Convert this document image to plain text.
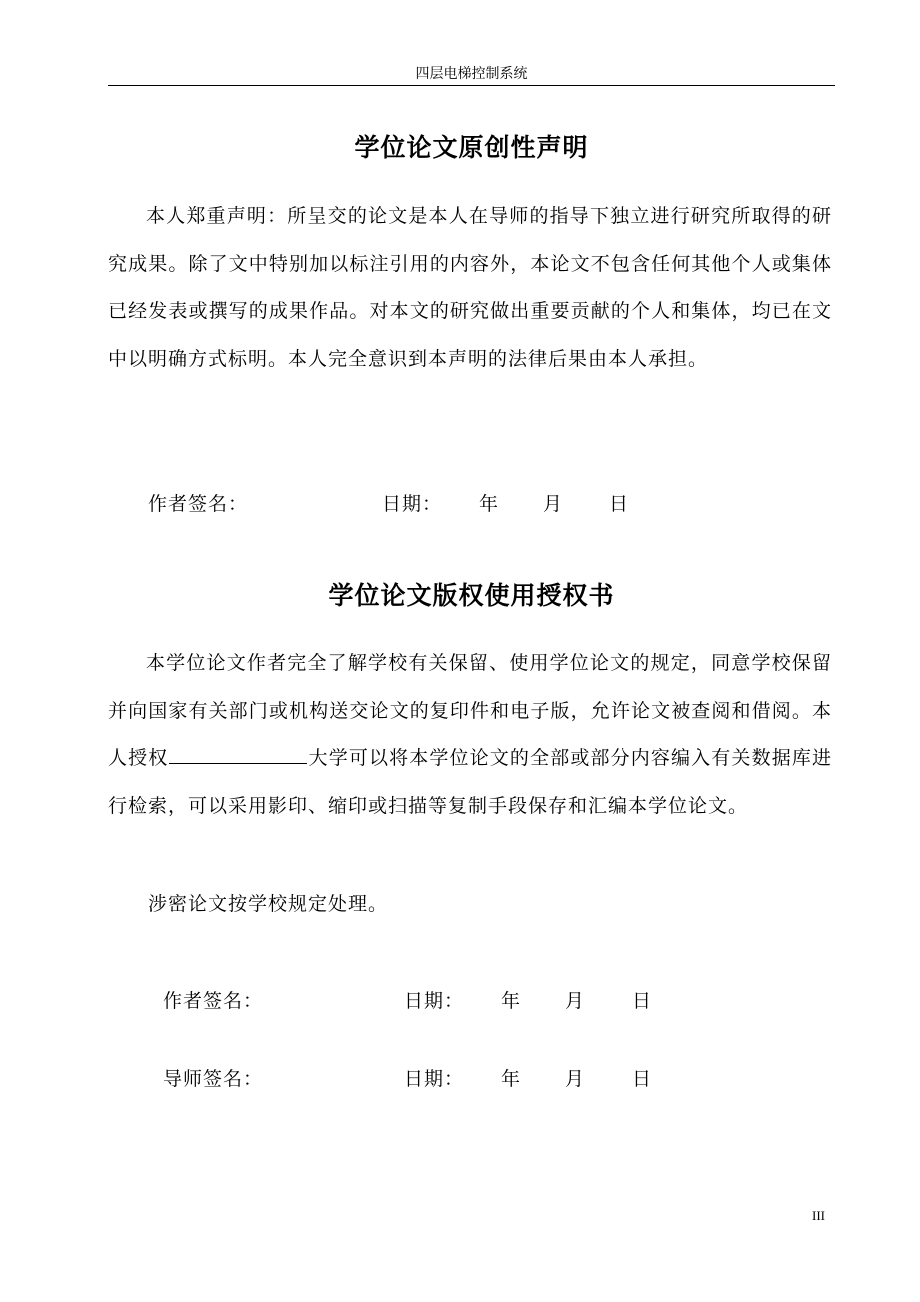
四层电梯控制系统
学位论文原创性声明
本人郑重声明：所呈交的论文是本人在导师的指导下独立进行研究所取得的研究成果。除了文中特别加以标注引用的内容外，本论文不包含任何其他个人或集体已经发表或撰写的成果作品。对本文的研究做出重要贡献的个人和集体，均已在文中以明确方式标明。本人完全意识到本声明的法律后果由本人承担。
作者签名：	日期： 年 月 日
学位论文版权使用授权书
本学位论文作者完全了解学校有关保留、使用学位论文的规定，同意学校保留并向国家有关部门或机构送交论文的复印件和电子版，允许论文被查阅和借阅。本人授权	大学可以将本学位论文的全部或部分内容编入有关数据库进行检索，可以采用影印、缩印或扫描等复制手段保存和汇编本学位论文。
涉密论文按学校规定处理。
作者签名：	日期： 年 月 日
导师签名：	日期： 年 月 日
III
